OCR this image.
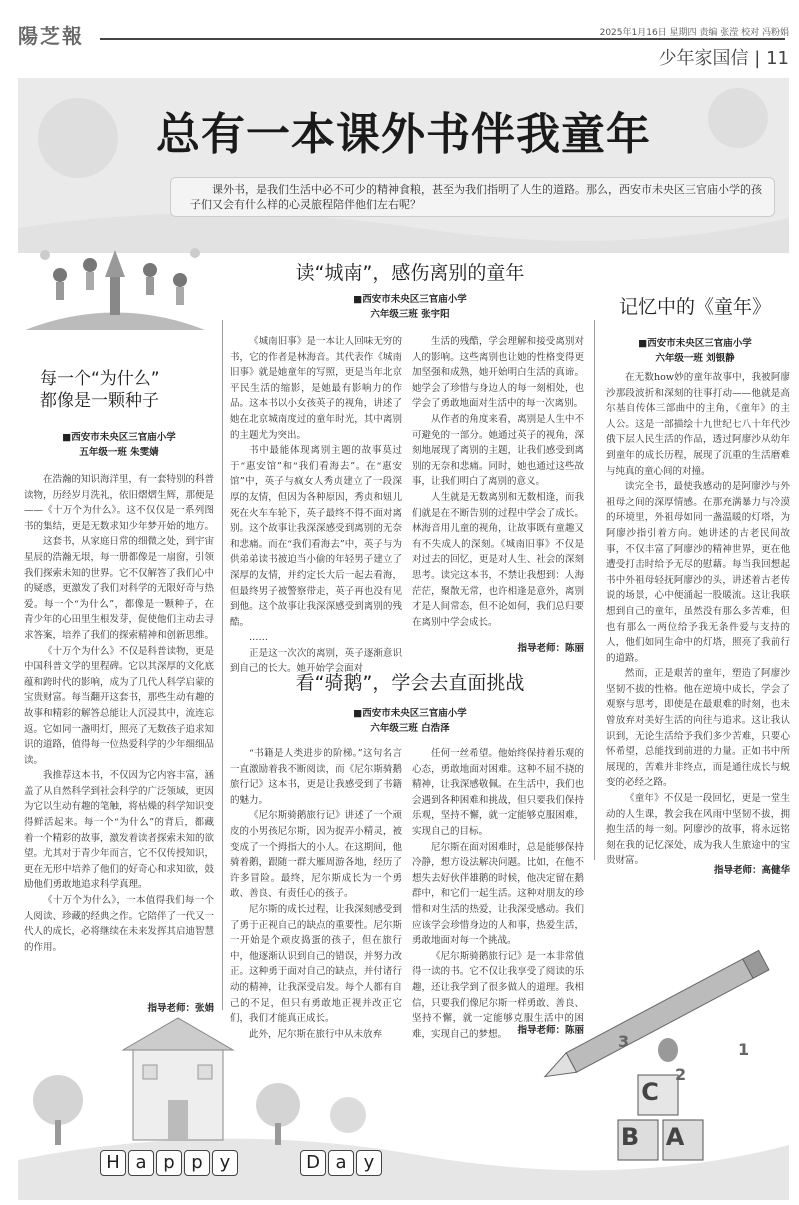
陽芝報	2025年1月16日 星期四 责编 张滢 校对 冯粉娟
少年家国信 | 11
总有一本课外书伴我童年
课外书，是我们生活中必不可少的精神食粮，甚至为我们指明了人生的道路。那么，西安市未央区三官庙小学的孩子们又会有什么样的心灵旅程陪伴他们左右呢？
每一个“为什么”
都像是一颗种子
■西安市未央区三官庙小学
五年级一班 朱雯婧

在浩瀚的知识海洋里，有一套特别的科普读物，历经岁月洗礼，依旧熠熠生辉，那便是——《十万个为什么》。这不仅仅是一系列图书的集结，更是无数求知少年梦开始的地方。

这套书，从家庭日常的细微之处，到宇宙星辰的浩瀚无垠，每一册都像是一扇窗，引领我们探索未知的世界。它不仅解答了我们心中的疑惑，更激发了我们对科学的无限好奇与热爱。每一个“为什么”，都像是一颗种子，在青少年的心田里生根发芽，促使他们主动去寻求答案，培养了我们的探索精神和创新思维。

《十万个为什么》不仅是科普读物，更是中国科普文学的里程碑。它以其深厚的文化底蕴和跨时代的影响，成为了几代人科学启蒙的宝贵财富。每当翻开这套书，那些生动有趣的故事和精彩的解答总能让人沉浸其中，流连忘返。它如同一盏明灯，照亮了无数孩子追求知识的道路，值得每一位热爱科学的少年细细品读。

我推荐这本书，不仅因为它内容丰富，涵盖了从自然科学到社会科学的广泛领域，更因为它以生动有趣的笔触，将枯燥的科学知识变得鲜活起来。每一个“为什么”的背后，都藏着一个精彩的故事，激发着读者探索未知的欲望。尤其对于青少年而言，它不仅传授知识，更在无形中培养了他们的好奇心和求知欲，鼓励他们勇敢地追求科学真理。

《十万个为什么》，一本值得我们每一个人阅读、珍藏的经典之作。它陪伴了一代又一代人的成长，必将继续在未来发挥其启迪智慧的作用。

指导老师：张娟
读“城南”，感伤离别的童年
■西安市未央区三官庙小学
六年级三班 张宇阳

《城南旧事》是一本让人回味无穷的书，它的作者是林海音。其代表作《城南旧事》就是她童年的写照，更是当年北京平民生活的缩影，是她最有影响力的作品。这本书以小女孩英子的视角，讲述了她在北京城南度过的童年时光，其中离别的主题尤为突出。

书中最能体现离别主题的故事莫过于“惠安馆”和“我们看海去”。在“惠安馆”中，英子与疯女人秀贞建立了一段深厚的友情，但因为各种原因，秀贞和妞儿死在火车车轮下，英子最终不得不面对离别。这个故事让我深深感受到离别的无奈和悲痛。而在“我们看海去”中，英子与为供弟弟读书被迫当小偷的年轻男子建立了深厚的友情，并约定长大后一起去看海，但最终男子被警察带走，英子再也没有见到他。这个故事让我深深感受到离别的残酷。

……

正是这一次次的离别，英子逐渐意识到自己的长大。她开始学会面对

生活的残酷，学会理解和接受离别对人的影响。这些离别也让她的性格变得更加坚强和成熟，她开始明白生活的真谛。她学会了珍惜与身边人的每一刻相处，也学会了勇敢地面对生活中的每一次离别。

从作者的角度来看，离别是人生中不可避免的一部分。她通过英子的视角，深刻地展现了离别的主题，让我们感受到离别的无奈和悲痛。同时，她也通过这些故事，让我们明白了离别的意义。

人生就是无数离别和无数相逢，而我们就是在不断告别的过程中学会了成长。林海音用儿童的视角，让故事既有童趣又有不失成人的深刻。《城南旧事》不仅是对过去的回忆，更是对人生、社会的深刻思考。读完这本书，不禁让我想到：人海茫茫，聚散无常，也许相逢是意外，离别才是人间常态，但不论如何，我们总归要在离别中学会成长。

指导老师：陈丽
看“骑鹅”，学会去直面挑战
■西安市未央区三官庙小学
六年级三班 白浩泽

“书籍是人类进步的阶梯。”这句名言一直激励着我不断阅读，而《尼尔斯骑鹅旅行记》这本书，更是让我感受到了书籍的魅力。

《尼尔斯骑鹅旅行记》讲述了一个顽皮的小男孩尼尔斯，因为捉弄小精灵，被变成了一个拇指大的小人。在这期间，他骑着鹅，跟随一群大雁周游各地，经历了许多冒险。最终，尼尔斯成长为一个勇敢、善良、有责任心的孩子。

尼尔斯的成长过程，让我深刻感受到了勇于正视自己的缺点的重要性。尼尔斯一开始是个顽皮捣蛋的孩子，但在旅行中，他逐渐认识到自己的错误，并努力改正。这种勇于面对自己的缺点，并付诸行动的精神，让我深受启发。每个人都有自己的不足，但只有勇敢地正视并改正它们，我们才能真正成长。

此外，尼尔斯在旅行中从未放弃

任何一丝希望。他始终保持着乐观的心态，勇敢地面对困难。这种不屈不挠的精神，让我深感敬佩。在生活中，我们也会遇到各种困难和挑战，但只要我们保持乐观，坚持不懈，就一定能够克服困难，实现自己的目标。

尼尔斯在面对困难时，总是能够保持冷静，想方设法解决问题。比如，在他不想失去好伙伴雄鹅的时候，他决定留在鹅群中，和它们一起生活。这种对朋友的珍惜和对生活的热爱，让我深受感动。我们应该学会珍惜身边的人和事，热爱生活，勇敢地面对每一个挑战。

《尼尔斯骑鹅旅行记》是一本非常值得一读的书。它不仅让我享受了阅读的乐趣，还让我学到了很多做人的道理。我相信，只要我们像尼尔斯一样勇敢、善良、坚持不懈，就一定能够克服生活中的困难，实现自己的梦想。	指导老师：陈丽
记忆中的《童年》
■西安市未央区三官庙小学
六年级一班 刘银静

在无数how妙的童年故事中，我被阿廖沙那段波折和深刻的往事打动——他就是高尔基自传体三部曲中的主角，《童年》的主人公。这是一部描绘十九世纪七八十年代沙俄下层人民生活的作品，透过阿廖沙从幼年到童年的成长历程，展现了沉重的生活磨难与纯真的童心间的对撞。

读完全书，最使我感动的是阿廖沙与外祖母之间的深厚情感。在那充满暴力与冷漠的环境里，外祖母如同一盏温暖的灯塔，为阿廖沙指引着方向。她讲述的古老民间故事，不仅丰富了阿廖沙的精神世界，更在他遭受打击时给予无尽的慰藉。每当我回想起书中外祖母轻抚阿廖沙的头，讲述着古老传说的场景，心中便涌起一股暖流。这让我联想到自己的童年，虽然没有那么多苦难，但也有那么一两位给予我无条件爱与支持的人，他们如同生命中的灯塔，照亮了我前行的道路。

然而，正是艰苦的童年，塑造了阿廖沙坚韧不拔的性格。他在逆境中成长，学会了观察与思考，即使是在最艰难的时刻，也未曾放弃对美好生活的向往与追求。这让我认识到，无论生活给予我们多少苦难，只要心怀希望，总能找到前进的力量。正如书中所展现的，苦难并非终点，而是通往成长与蜕变的必经之路。

《童年》不仅是一段回忆，更是一堂生动的人生课，教会我在风雨中坚韧不拔，拥抱生活的每一刻。阿廖沙的故事，将永远铭刻在我的记忆深处，成为我人生旅途中的宝贵财富。

指导老师：高健华
B	A
C
3
2
1
H a p p y	D a y
